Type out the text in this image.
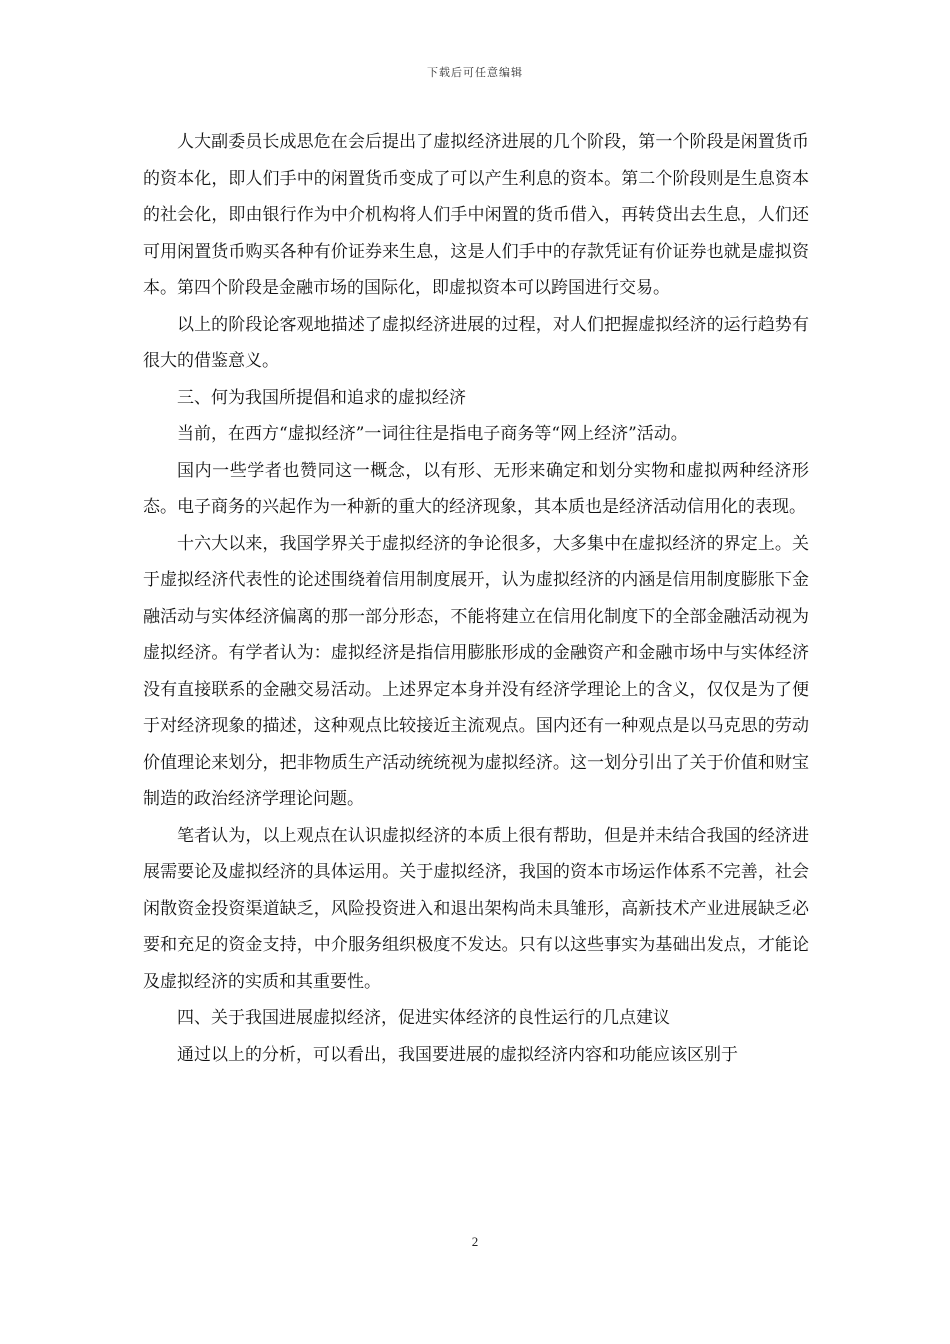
下载后可任意编辑

人大副委员长成思危在会后提出了虚拟经济进展的几个阶段，第一个阶段是闲置货币的资本化，即人们手中的闲置货币变成了可以产生利息的资本。第二个阶段则是生息资本的社会化，即由银行作为中介机构将人们手中闲置的货币借入，再转贷出去生息，人们还可用闲置货币购买各种有价证券来生息，这是人们手中的存款凭证有价证券也就是虚拟资本。第四个阶段是金融市场的国际化，即虚拟资本可以跨国进行交易。

以上的阶段论客观地描述了虚拟经济进展的过程，对人们把握虚拟经济的运行趋势有很大的借鉴意义。

三、何为我国所提倡和追求的虚拟经济

当前，在西方“虚拟经济”一词往往是指电子商务等“网上经济”活动。

国内一些学者也赞同这一概念，以有形、无形来确定和划分实物和虚拟两种经济形态。电子商务的兴起作为一种新的重大的经济现象，其本质也是经济活动信用化的表现。

十六大以来，我国学界关于虚拟经济的争论很多，大多集中在虚拟经济的界定上。关于虚拟经济代表性的论述围绕着信用制度展开，认为虚拟经济的内涵是信用制度膨胀下金融活动与实体经济偏离的那一部分形态，不能将建立在信用化制度下的全部金融活动视为虚拟经济。有学者认为：虚拟经济是指信用膨胀形成的金融资产和金融市场中与实体经济没有直接联系的金融交易活动。上述界定本身并没有经济学理论上的含义，仅仅是为了便于对经济现象的描述，这种观点比较接近主流观点。国内还有一种观点是以马克思的劳动价值理论来划分，把非物质生产活动统统视为虚拟经济。这一划分引出了关于价值和财宝制造的政治经济学理论问题。

笔者认为，以上观点在认识虚拟经济的本质上很有帮助，但是并未结合我国的经济进展需要论及虚拟经济的具体运用。关于虚拟经济，我国的资本市场运作体系不完善，社会闲散资金投资渠道缺乏，风险投资进入和退出架构尚未具雏形，高新技术产业进展缺乏必要和充足的资金支持，中介服务组织极度不发达。只有以这些事实为基础出发点，才能论及虚拟经济的实质和其重要性。

四、关于我国进展虚拟经济，促进实体经济的良性运行的几点建议

通过以上的分析，可以看出，我国要进展的虚拟经济内容和功能应该区别于

2
